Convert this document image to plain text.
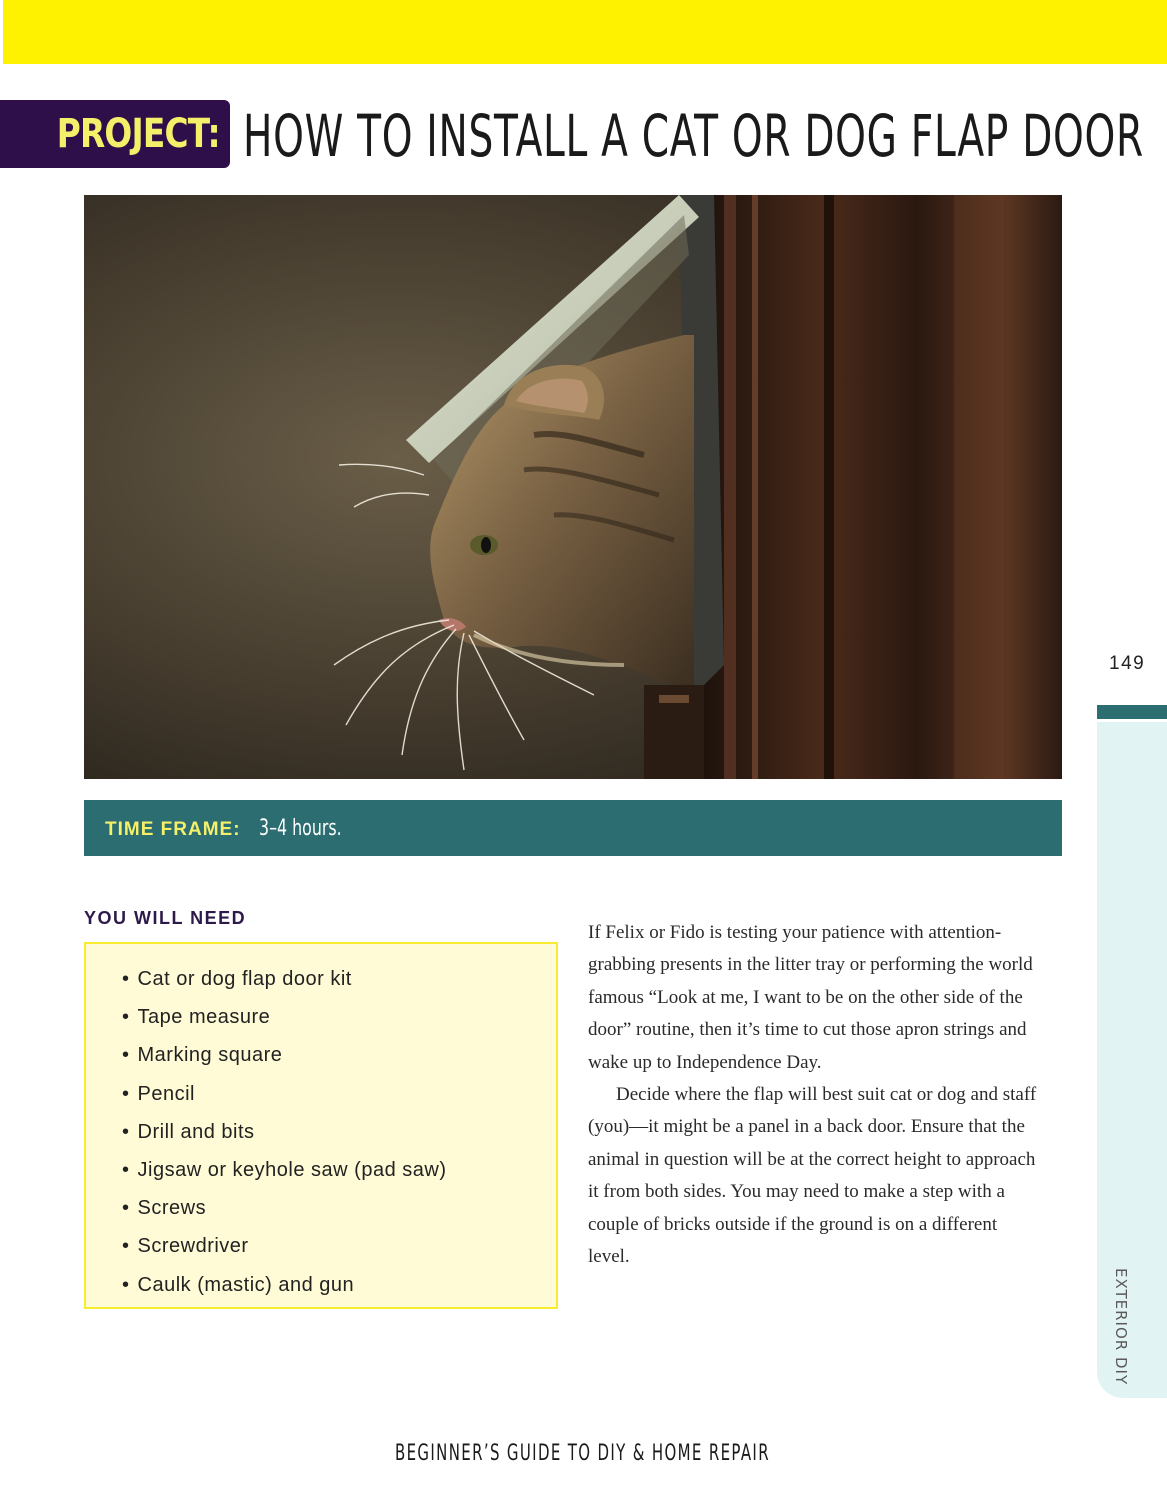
PROJECT: HOW TO INSTALL A CAT OR DOG FLAP DOOR
TIME FRAME: 3–4 hours.
YOU WILL NEED
• Cat or dog flap door kit
• Tape measure
• Marking square
• Pencil
• Drill and bits
• Jigsaw or keyhole saw (pad saw)
• Screws
• Screwdriver
• Caulk (mastic) and gun

If Felix or Fido is testing your patience with attention-grabbing presents in the litter tray or performing the world famous “Look at me, I want to be on the other side of the door” routine, then it’s time to cut those apron strings and wake up to Independence Day.

Decide where the flap will best suit cat or dog and staff (you)—it might be a panel in a back door. Ensure that the animal in question will be at the correct height to approach it from both sides. You may need to make a step with a couple of bricks outside if the ground is on a different level.

149
EXTERIOR DIY
BEGINNER’S GUIDE TO DIY & HOME REPAIR
